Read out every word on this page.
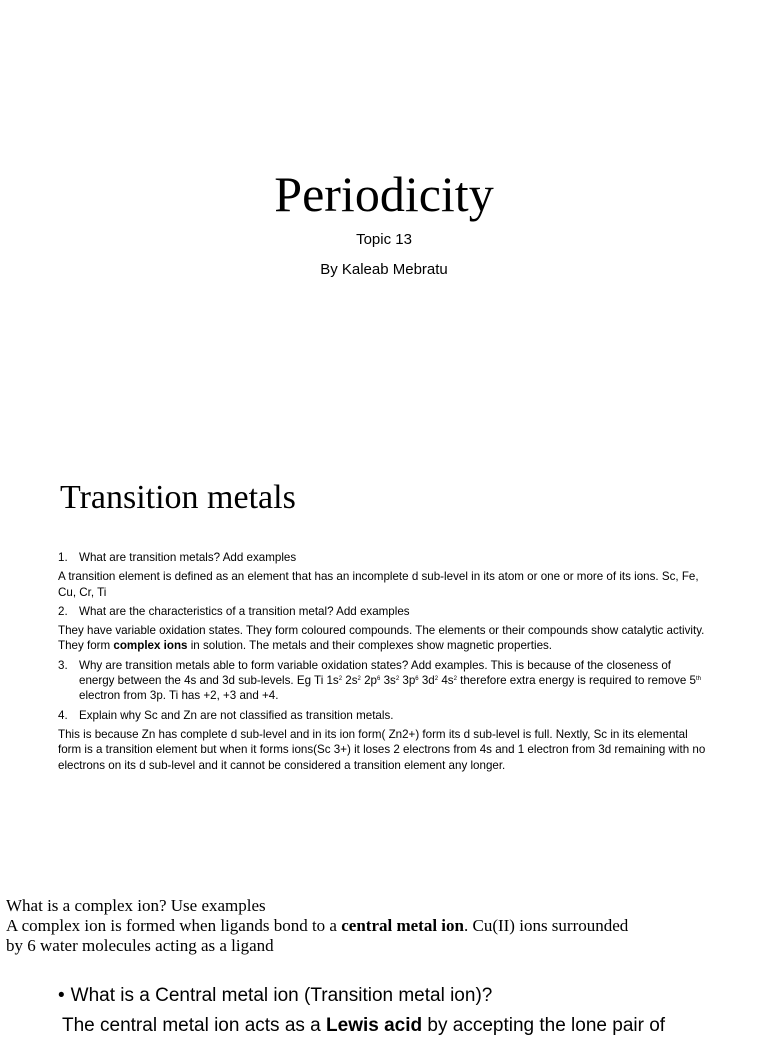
Periodicity
Topic 13
By Kaleab Mebratu
Transition metals
1. What are transition metals? Add examples
A transition element is defined as an element that has an incomplete d sub-level in its atom or one or more of its ions. Sc, Fe, Cu, Cr, Ti
2. What are the characteristics of a transition metal? Add examples
They have variable oxidation states. They form coloured compounds. The elements or their compounds show catalytic activity. They form complex ions in solution. The metals and their complexes show magnetic properties.
3. Why are transition metals able to form variable oxidation states? Add examples. This is because of the closeness of energy between the 4s and 3d sub-levels. Eg Ti $1s^2$ $2s^2$ $2p^6$ $3s^2$ $3p^6$ $3d^2$ $4s^2$ therefore extra energy is required to remove 5th electron from 3p. Ti has +2, +3 and +4.
4. Explain why Sc and Zn are not classified as transition metals.
This is because Zn has complete d sub-level and in its ion form( Zn2+) form its d sub-level is full. Nextly, Sc in its elemental form is a transition element but when it forms ions(Sc 3+) it loses 2 electrons from 4s and 1 electron from 3d remaining with no electrons on its d sub-level and it cannot be considered a transition element any longer.
What is a complex ion? Use examples
A complex ion is formed when ligands bond to a central metal ion. Cu(II) ions surrounded by 6 water molecules acting as a ligand
• What is a Central metal ion (Transition metal ion)?
The central metal ion acts as a Lewis acid by accepting the lone pair of
